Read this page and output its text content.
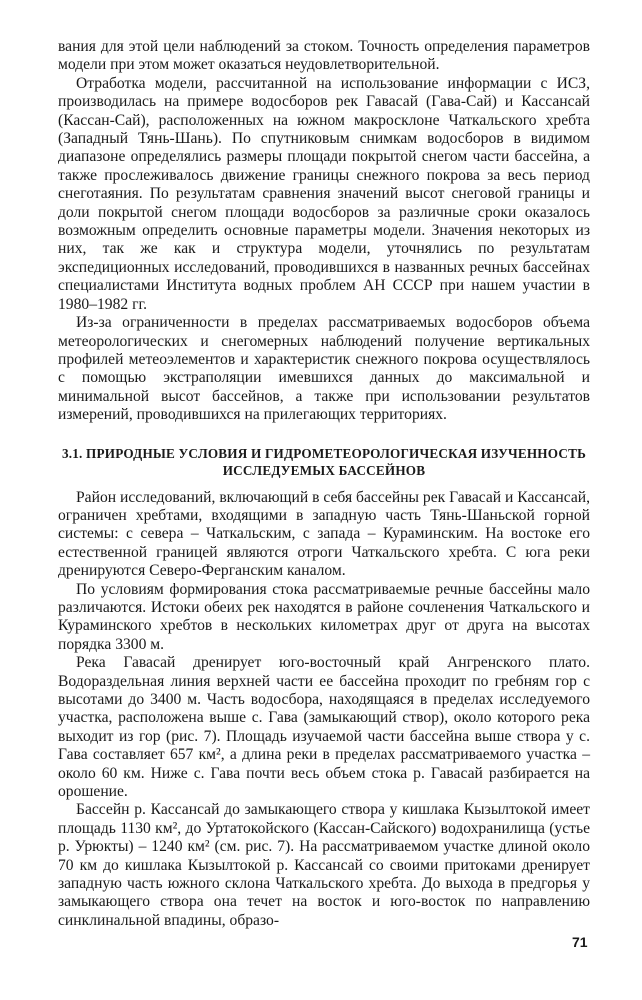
вания для этой цели наблюдений за стоком. Точность определения параметров модели при этом может оказаться неудовлетворительной.

Отработка модели, рассчитанной на использование информации с ИСЗ, производилась на примере водосборов рек Гавасай (Гава-Сай) и Кассансай (Кассан-Сай), расположенных на южном макросклоне Чаткальского хребта (Западный Тянь-Шань). По спутниковым снимкам водосборов в видимом диапазоне определялись размеры площади покрытой снегом части бассейна, а также прослеживалось движение границы снежного покрова за весь период снеготаяния. По результатам сравнения значений высот снеговой границы и доли покрытой снегом площади водосборов за различные сроки оказалось возможным определить основные параметры модели. Значения некоторых из них, так же как и структура модели, уточнялись по результатам экспедиционных исследований, проводившихся в названных речных бассейнах специалистами Института водных проблем АН СССР при нашем участии в 1980–1982 гг.

Из-за ограниченности в пределах рассматриваемых водосборов объема метеорологических и снегомерных наблюдений получение вертикальных профилей метеоэлементов и характеристик снежного покрова осуществлялось с помощью экстраполяции имевшихся данных до максимальной и минимальной высот бассейнов, а также при использовании результатов измерений, проводившихся на прилегающих территориях.

3.1. ПРИРОДНЫЕ УСЛОВИЯ И ГИДРОМЕТЕОРОЛОГИЧЕСКАЯ ИЗУЧЕННОСТЬ ИССЛЕДУЕМЫХ БАССЕЙНОВ

Район исследований, включающий в себя бассейны рек Гавасай и Кассансай, ограничен хребтами, входящими в западную часть Тянь-Шаньской горной системы: с севера – Чаткальским, с запада – Кураминским. На востоке его естественной границей являются отроги Чаткальского хребта. С юга реки дренируются Северо-Ферганским каналом.

По условиям формирования стока рассматриваемые речные бассейны мало различаются. Истоки обеих рек находятся в районе сочленения Чаткальского и Кураминского хребтов в нескольких километрах друг от друга на высотах порядка 3300 м.

Река Гавасай дренирует юго-восточный край Ангренского плато. Водораздельная линия верхней части ее бассейна проходит по гребням гор с высотами до 3400 м. Часть водосбора, находящаяся в пределах исследуемого участка, расположена выше с. Гава (замыкающий створ), около которого река выходит из гор (рис. 7). Площадь изучаемой части бассейна выше створа у с. Гава составляет 657 км², а длина реки в пределах рассматриваемого участка – около 60 км. Ниже с. Гава почти весь объем стока р. Гавасай разбирается на орошение.

Бассейн р. Кассансай до замыкающего створа у кишлака Кызылтокой имеет площадь 1130 км², до Уртатокойского (Кассан-Сайского) водохранилища (устье р. Урюкты) – 1240 км² (см. рис. 7). На рассматриваемом участке длиной около 70 км до кишлака Кызылтокой р. Кассансай со своими притоками дренирует западную часть южного склона Чаткальского хребта. До выхода в предгорья у замыкающего створа она течет на восток и юго-восток по направлению синклинальной впадины, образо-

71
